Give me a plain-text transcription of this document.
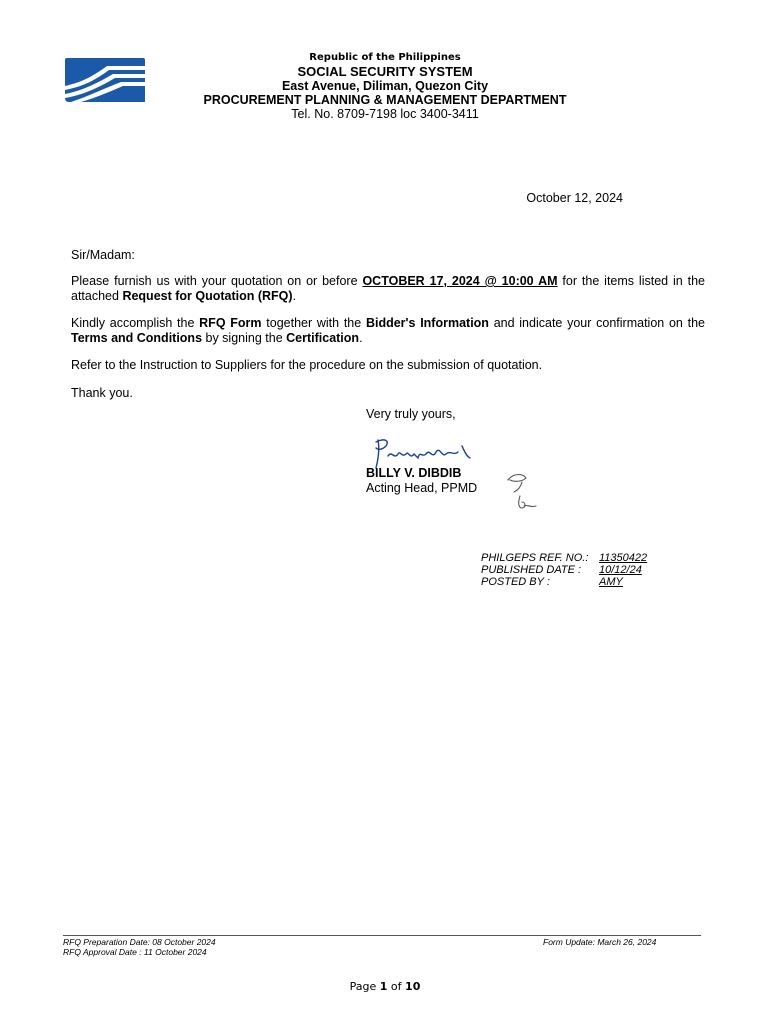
Republic of the Philippines
SOCIAL SECURITY SYSTEM
East Avenue, Diliman, Quezon City
PROCUREMENT PLANNING & MANAGEMENT DEPARTMENT
Tel. No. 8709-7198 loc 3400-3411
October 12, 2024
Sir/Madam:
Please furnish us with your quotation on or before OCTOBER 17, 2024 @ 10:00 AM for the items listed in the attached Request for Quotation (RFQ).
Kindly accomplish the RFQ Form together with the Bidder's Information and indicate your confirmation on the Terms and Conditions by signing the Certification.
Refer to the Instruction to Suppliers for the procedure on the submission of quotation.
Thank you.
Very truly yours,
BILLY V. DIBDIB
Acting Head, PPMD
PHILGEPS REF. NO.: 11350422
PUBLISHED DATE : 10/12/24
POSTED BY :	AMY
RFQ Preparation Date: 08 October 2024
RFQ Approval Date : 11 October 2024
Form Update: March 26, 2024
Page 1 of 10
